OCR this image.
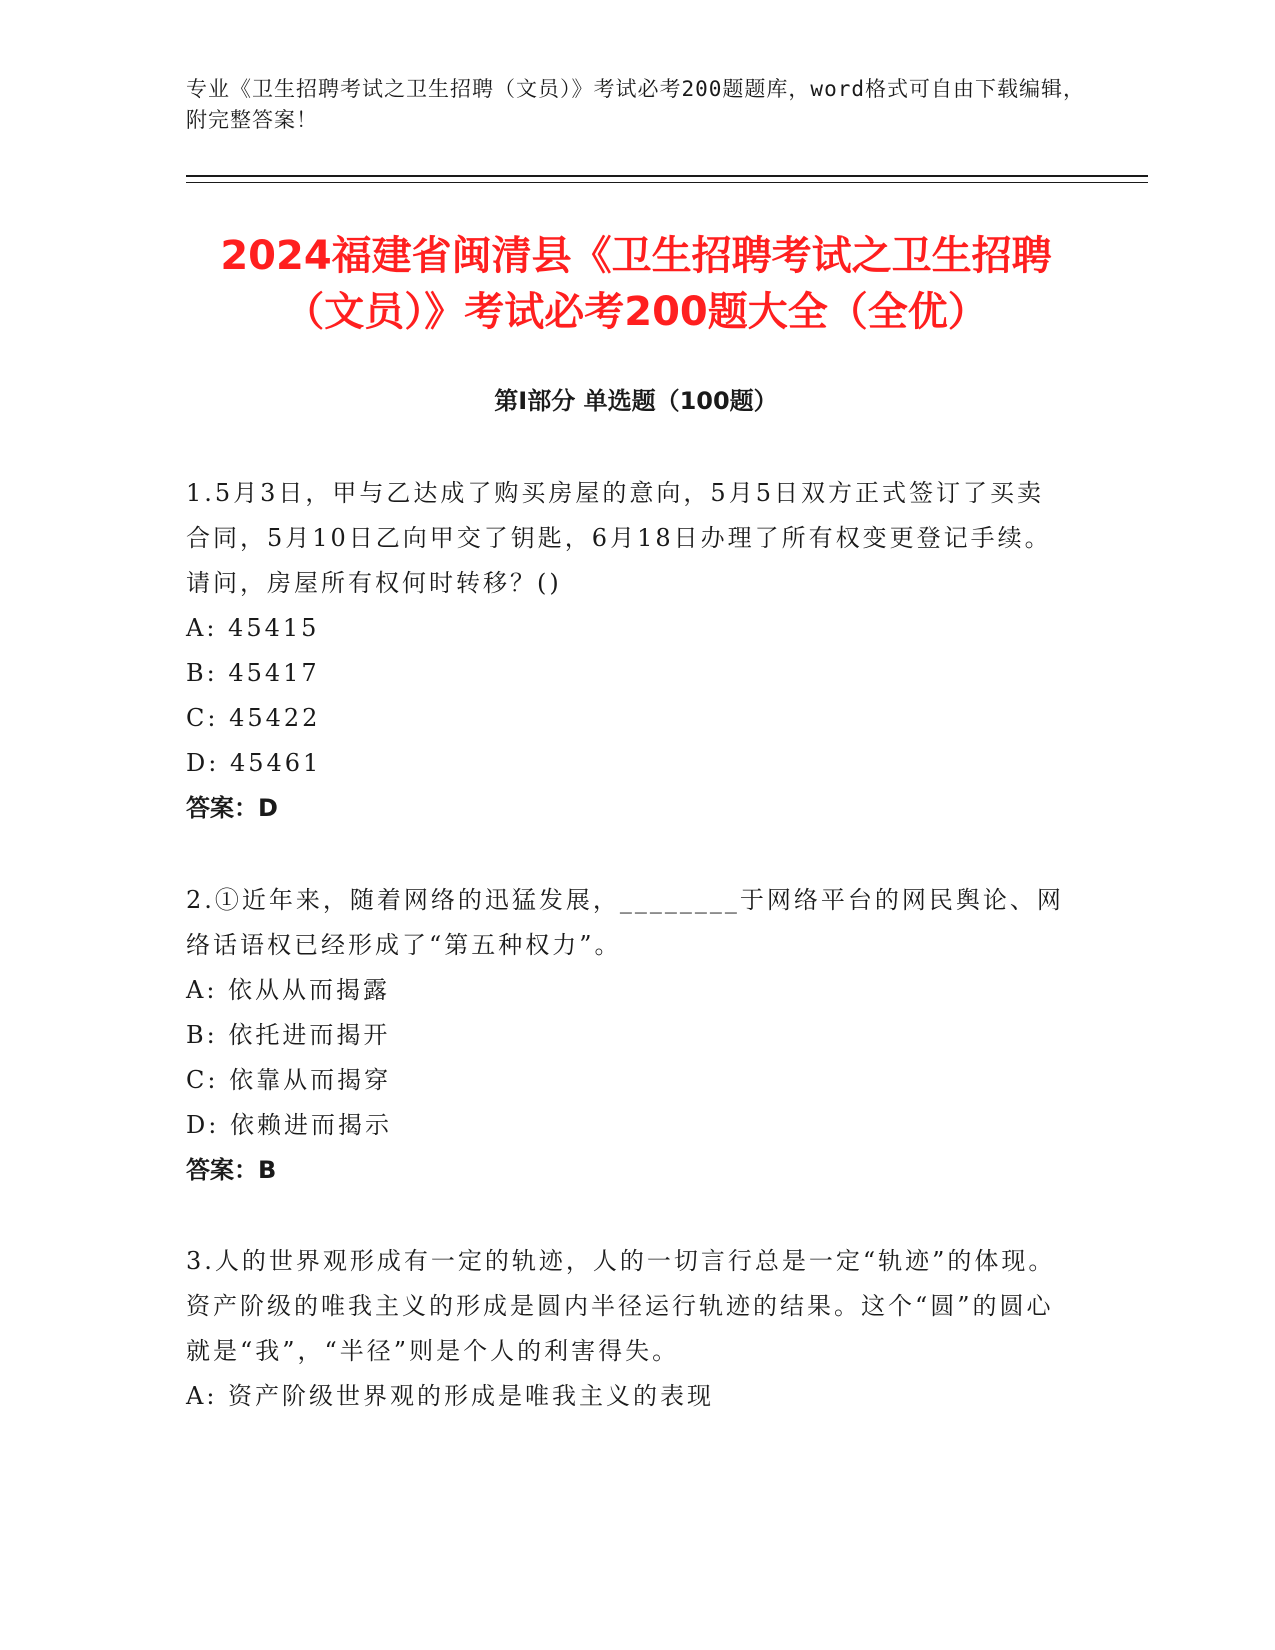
专业《卫生招聘考试之卫生招聘（文员）》考试必考200题题库，word格式可自由下载编辑，附完整答案！
2024福建省闽清县《卫生招聘考试之卫生招聘（文员）》考试必考200题大全（全优）
第I部分 单选题（100题）
1.5月3日，甲与乙达成了购买房屋的意向，5月5日双方正式签订了买卖合同，5月10日乙向甲交了钥匙，6月18日办理了所有权变更登记手续。请问，房屋所有权何时转移？()
A: 45415
B: 45417
C: 45422
D: 45461
答案：D
2.①近年来，随着网络的迅猛发展，________于网络平台的网民舆论、网络话语权已经形成了“第五种权力”。
A: 依从从而揭露
B: 依托进而揭开
C: 依靠从而揭穿
D: 依赖进而揭示
答案：B
3.人的世界观形成有一定的轨迹，人的一切言行总是一定“轨迹”的体现。资产阶级的唯我主义的形成是圆内半径运行轨迹的结果。这个“圆”的圆心就是“我”，“半径”则是个人的利害得失。
A: 资产阶级世界观的形成是唯我主义的表现
